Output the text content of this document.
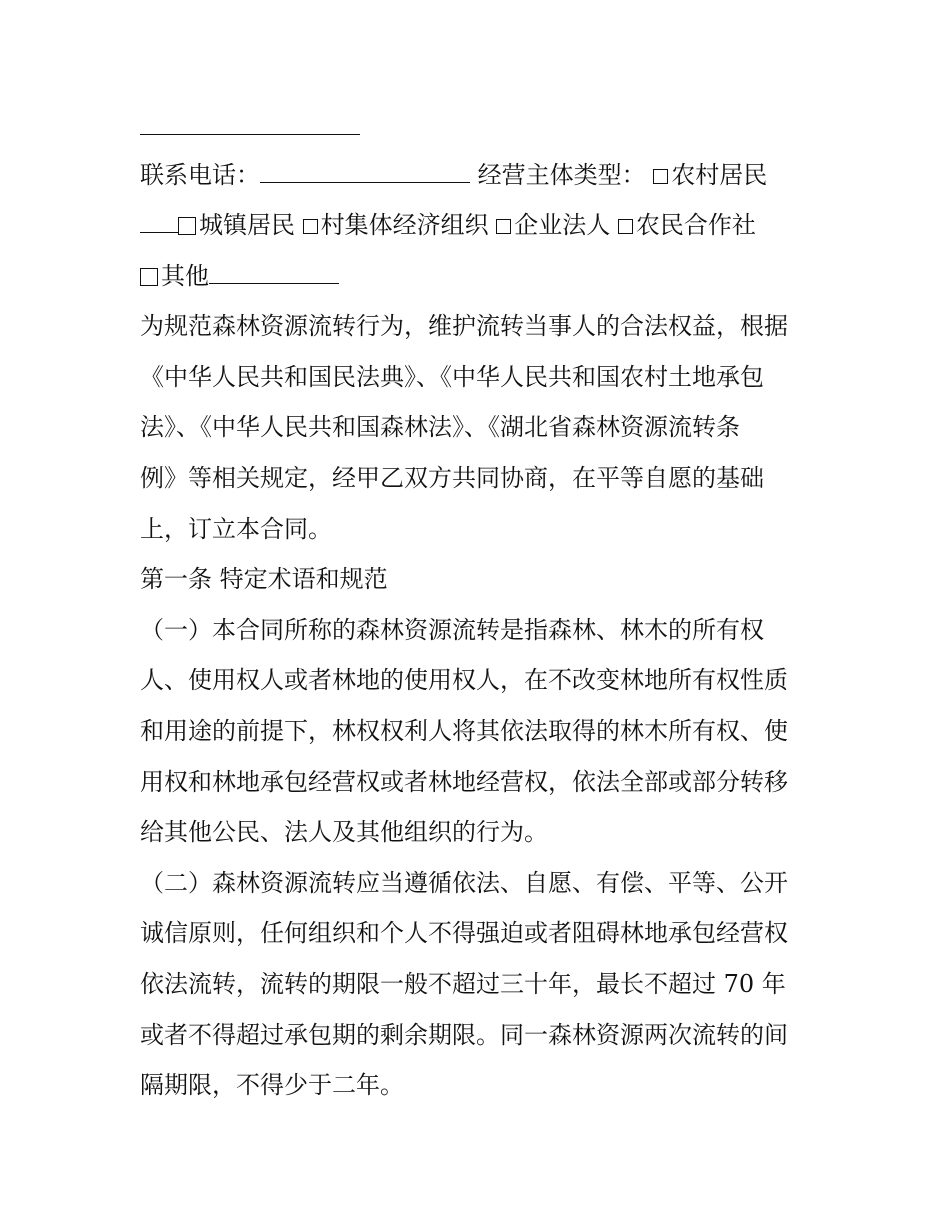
联系电话：	经营主体类型： 农村居民
城镇居民 村集体经济组织 企业法人 农民合作社
其他
为规范森林资源流转行为，维护流转当事人的合法权益，根据
《中华人民共和国民法典》、《中华人民共和国农村土地承包
法》、《中华人民共和国森林法》、《湖北省森林资源流转条
例》等相关规定，经甲乙双方共同协商，在平等自愿的基础
上，订立本合同。
第一条 特定术语和规范
（一）本合同所称的森林资源流转是指森林、林木的所有权
人、使用权人或者林地的使用权人，在不改变林地所有权性质
和用途的前提下，林权权利人将其依法取得的林木所有权、使
用权和林地承包经营权或者林地经营权，依法全部或部分转移
给其他公民、法人及其他组织的行为。
（二）森林资源流转应当遵循依法、自愿、有偿、平等、公开
诚信原则，任何组织和个人不得强迫或者阻碍林地承包经营权
依法流转，流转的期限一般不超过三十年，最长不超过 70 年
或者不得超过承包期的剩余期限。同一森林资源两次流转的间
隔期限，不得少于二年。
